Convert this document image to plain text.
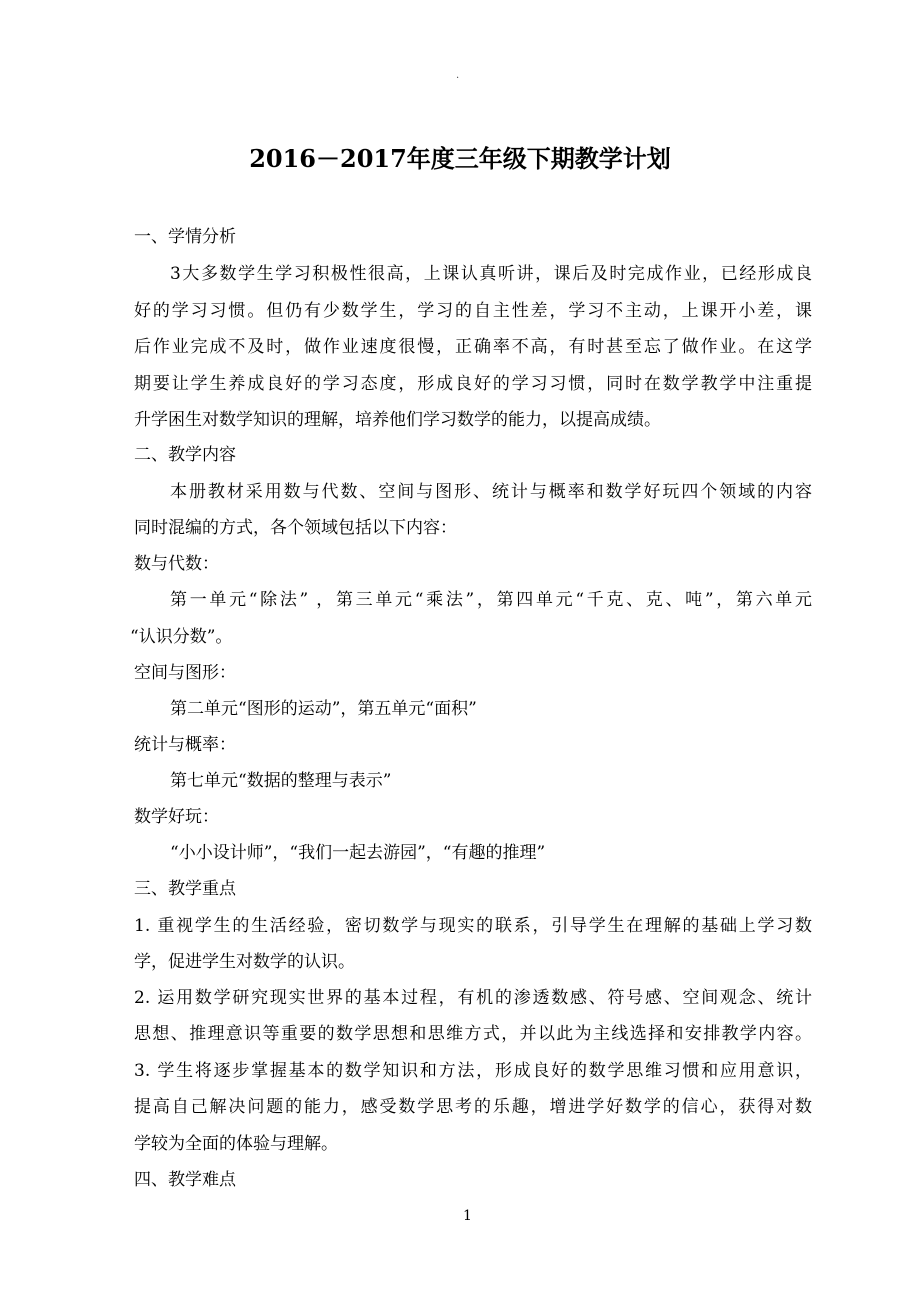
.
2016－2017年度三年级下期教学计划
一、学情分析
3大多数学生学习积极性很高，上课认真听讲，课后及时完成作业，已经形成良
好的学习习惯。但仍有少数学生，学习的自主性差，学习不主动，上课开小差，课
后作业完成不及时，做作业速度很慢，正确率不高，有时甚至忘了做作业。在这学
期要让学生养成良好的学习态度，形成良好的学习习惯，同时在数学教学中注重提
升学困生对数学知识的理解，培养他们学习数学的能力，以提高成绩。
二、教学内容
本册教材采用数与代数、空间与图形、统计与概率和数学好玩四个领域的内容
同时混编的方式，各个领域包括以下内容：
数与代数：
第一单元“除法” ，第三单元“乘法”，第四单元“千克、克、吨”，第六单元
“认识分数”。
空间与图形：
第二单元“图形的运动”，第五单元“面积”
统计与概率：
第七单元“数据的整理与表示”
数学好玩：
“小小设计师”，“我们一起去游园”，“有趣的推理”
三、教学重点
1. 重视学生的生活经验，密切数学与现实的联系，引导学生在理解的基础上学习数
学，促进学生对数学的认识。
2. 运用数学研究现实世界的基本过程，有机的渗透数感、符号感、空间观念、统计
思想、推理意识等重要的数学思想和思维方式，并以此为主线选择和安排教学内容。
3. 学生将逐步掌握基本的数学知识和方法，形成良好的数学思维习惯和应用意识，
提高自己解决问题的能力，感受数学思考的乐趣，增进学好数学的信心，获得对数
学较为全面的体验与理解。
四、教学难点
1
